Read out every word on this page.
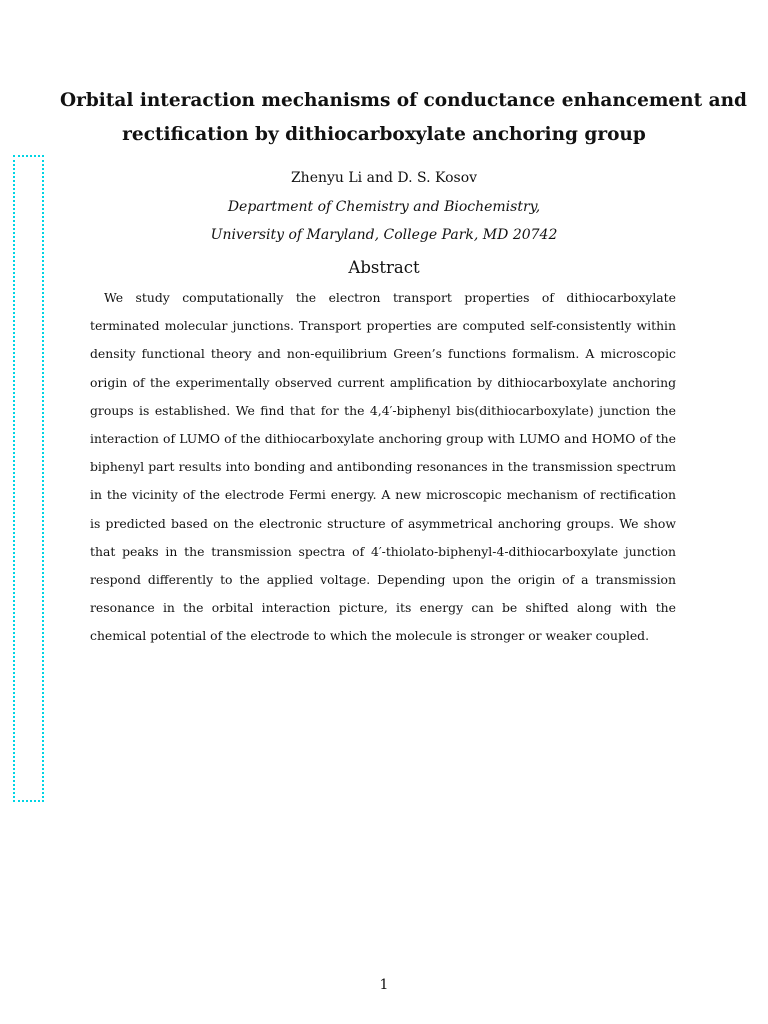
Orbital interaction mechanisms of conductance enhancement and
rectification by dithiocarboxylate anchoring group
Zhenyu Li and D. S. Kosov
Department of Chemistry and Biochemistry,
University of Maryland, College Park, MD 20742
Abstract

We study computationally the electron transport properties of dithiocarboxylate terminated molecular junctions. Transport properties are computed self-consistently within density functional theory and non-equilibrium Green’s functions formalism. A microscopic origin of the experimentally observed current amplification by dithiocarboxylate anchoring groups is established. We find that for the 4,4′-biphenyl bis(dithiocarboxylate) junction the interaction of LUMO of the dithiocarboxylate anchoring group with LUMO and HOMO of the biphenyl part results into bonding and antibonding resonances in the transmission spectrum in the vicinity of the electrode Fermi energy. A new microscopic mechanism of rectification is predicted based on the electronic structure of asymmetrical anchoring groups. We show that peaks in the transmission spectra of 4′-thiolato-biphenyl-4-dithiocarboxylate junction respond differently to the applied voltage. Depending upon the origin of a transmission resonance in the orbital interaction picture, its energy can be shifted along with the chemical potential of the electrode to which the molecule is stronger or weaker coupled.

1
